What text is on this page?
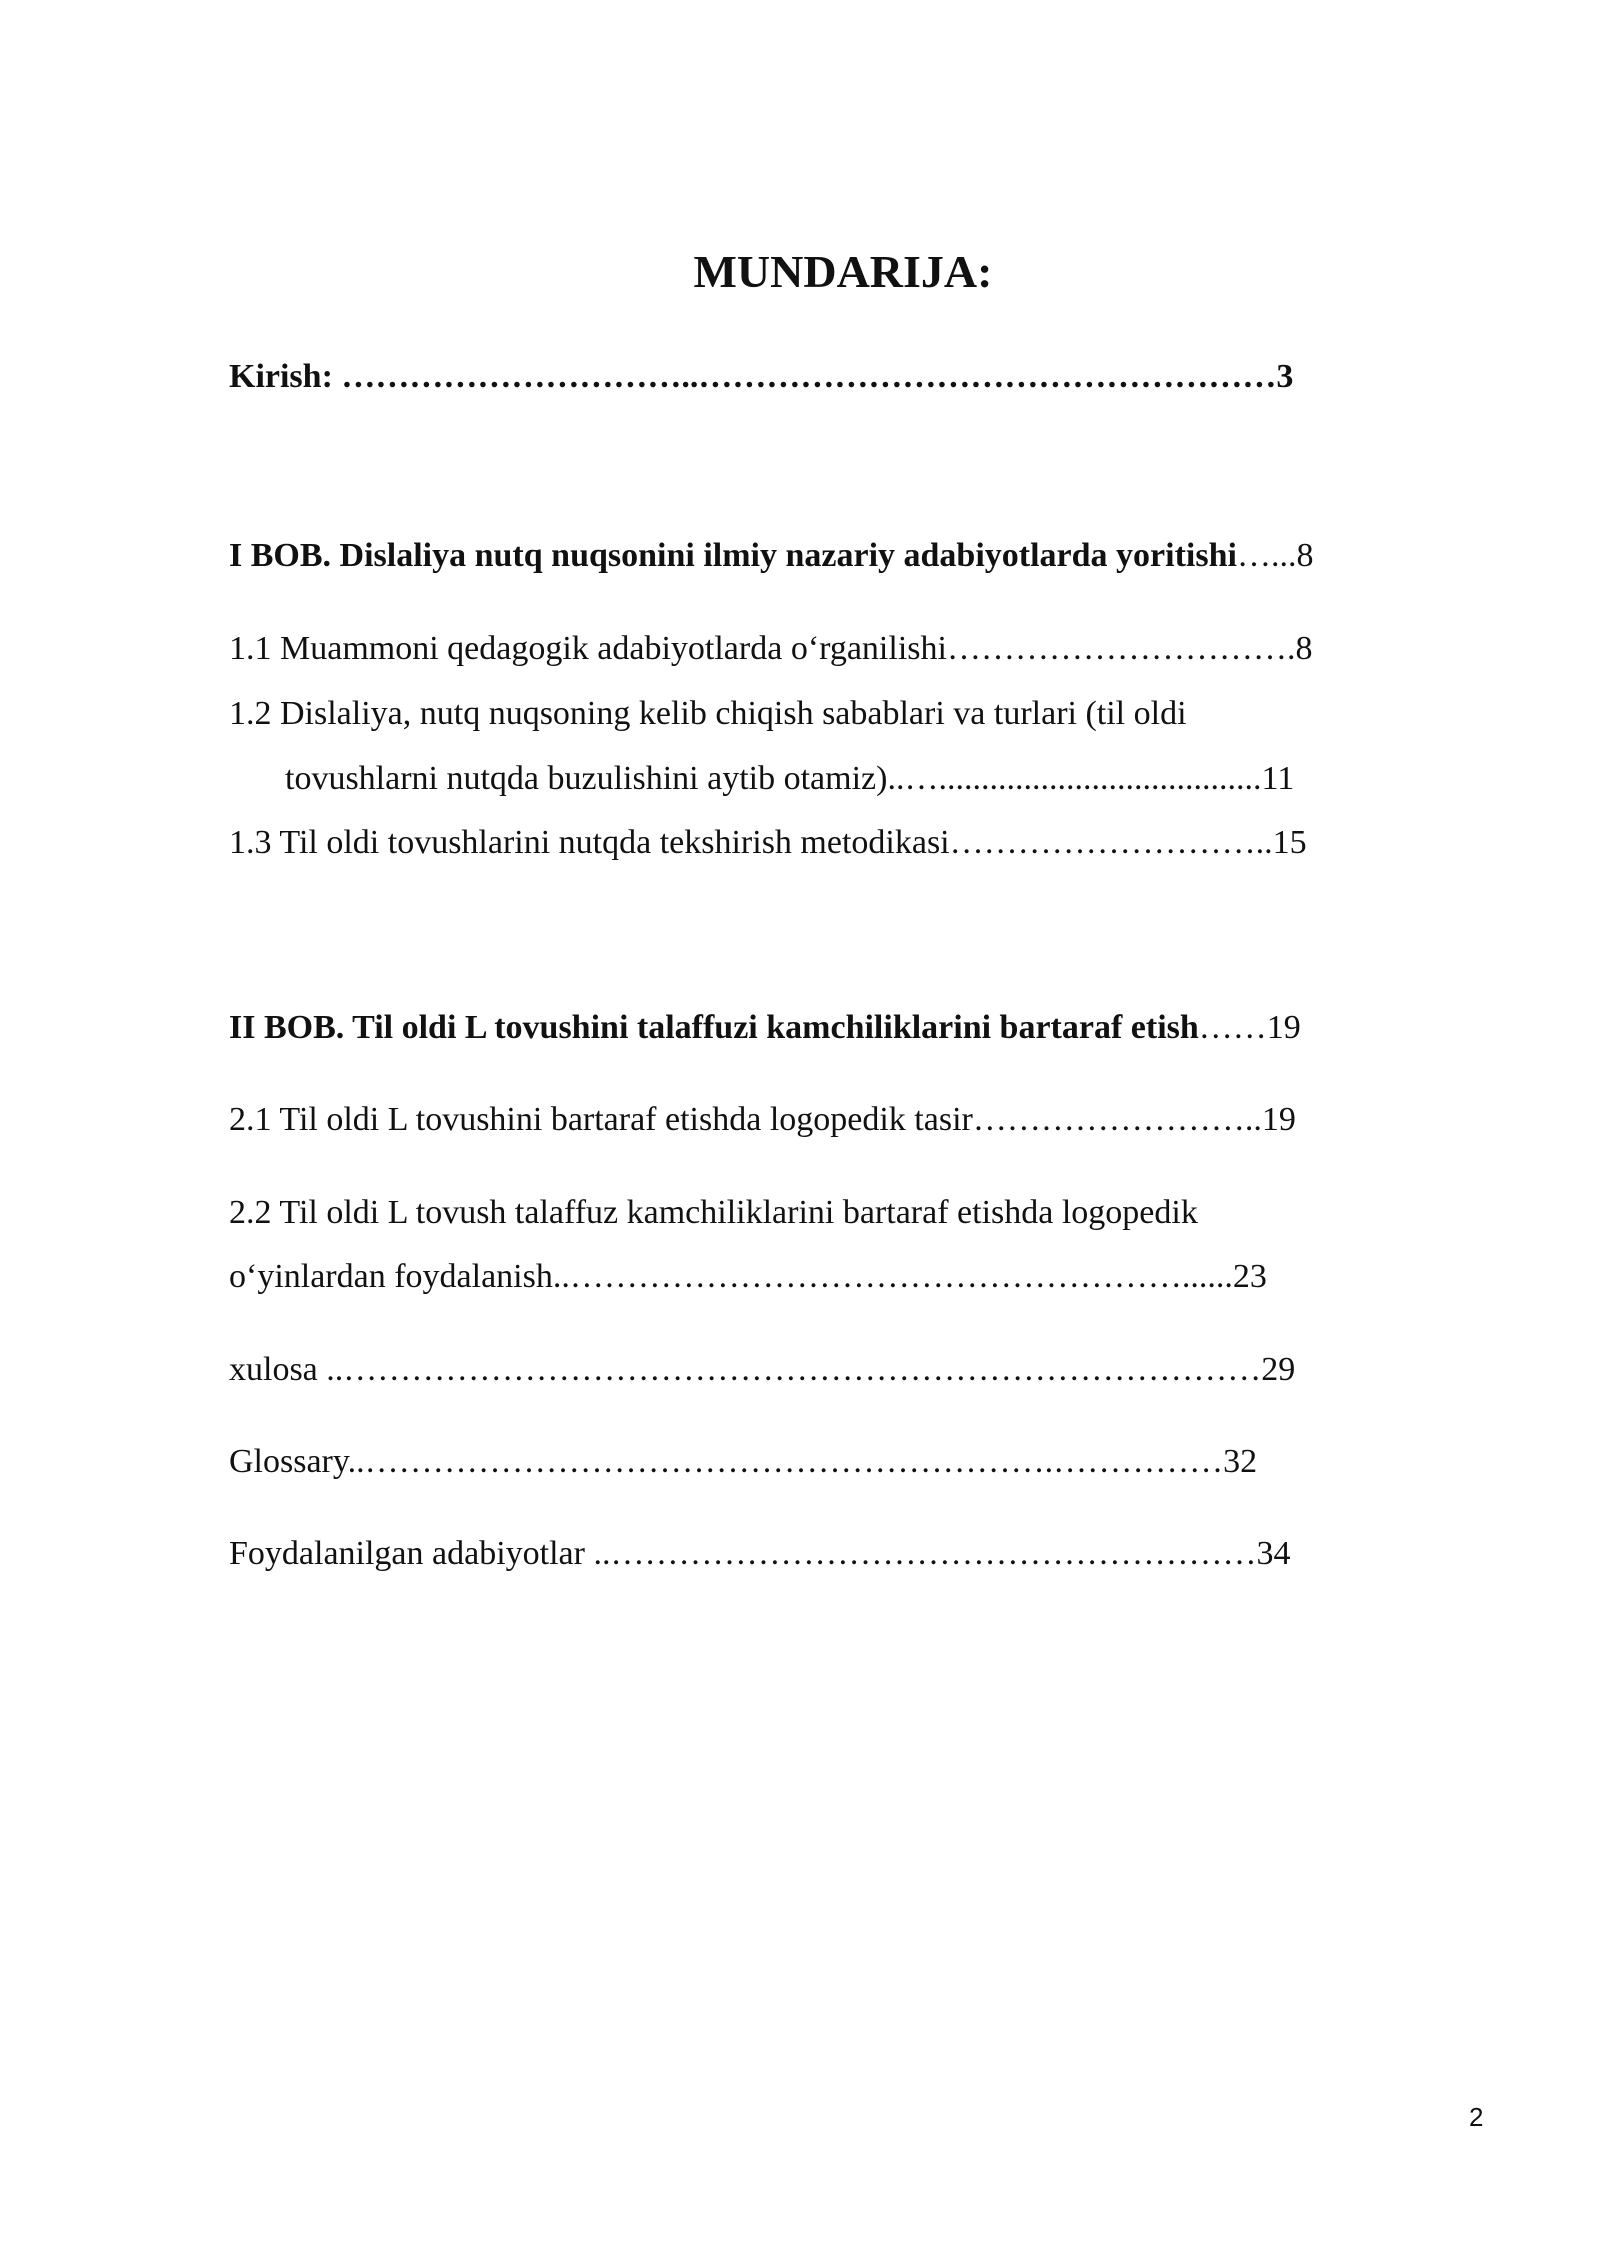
MUNDARIJA:

Kirish: …………………………..……………………………………………3

I BOB. Dislaliya nutq nuqsonini ilmiy nazariy adabiyotlarda yoritishi…...8

1.1 Muammoni qedagogik adabiyotlarda o‘rganilishi………………………….8

1.2 Dislaliya, nutq nuqsoning kelib chiqish sabablari va turlari (til oldi

tovushlarni nutqda buzulishini aytib otamiz)..…......................................11

1.3 Til oldi tovushlarini nutqda tekshirish metodikasi………………………..15

II BOB. Til oldi L tovushini talaffuzi kamchiliklarini bartaraf etish……19

2.1 Til oldi L tovushini bartaraf etishda logopedik tasir……………………..19

2.2 Til oldi L tovush talaffuz kamchiliklarini bartaraf etishda logopedik

o‘yinlardan foydalanish..………………………………………………......23

xulosa ..………………………………………………………………………29

Glossary..…………………………………………………….……………32

Foydalanilgan adabiyotlar ..…………………………………………………34

2
